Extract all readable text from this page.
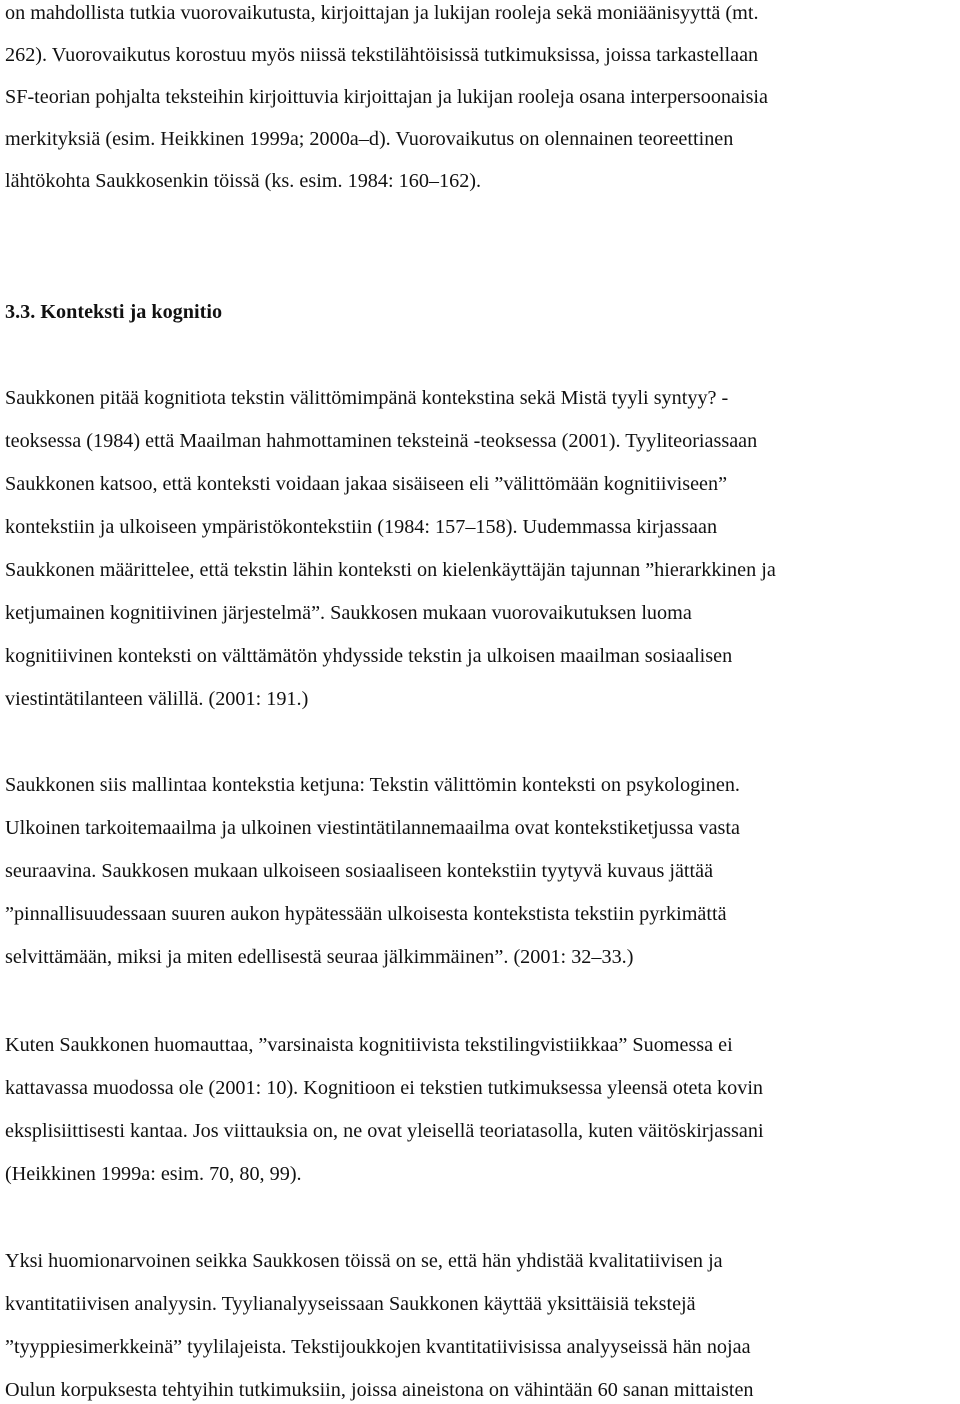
on mahdollista tutkia vuorovaikutusta, kirjoittajan ja lukijan rooleja sekä moniäänisyyttä (mt.
262). Vuorovaikutus korostuu myös niissä tekstilähtöisissä tutkimuksissa, joissa tarkastellaan
SF-teorian pohjalta teksteihin kirjoittuvia kirjoittajan ja lukijan rooleja osana interpersoonaisia
merkityksiä (esim. Heikkinen 1999a; 2000a–d). Vuorovaikutus on olennainen teoreettinen
lähtökohta Saukkosenkin töissä (ks. esim. 1984: 160–162).
3.3. Konteksti ja kognitio
Saukkonen pitää kognitiota tekstin välittömimpänä kontekstina sekä Mistä tyyli syntyy? -
teoksessa (1984) että Maailman hahmottaminen teksteinä -teoksessa (2001). Tyyliteoriassaan
Saukkonen katsoo, että konteksti voidaan jakaa sisäiseen eli ”välittömään kognitiiviseen”
kontekstiin ja ulkoiseen ympäristökontekstiin (1984: 157–158). Uudemmassa kirjassaan
Saukkonen määrittelee, että tekstin lähin konteksti on kielenkäyttäjän tajunnan ”hierarkkinen ja
ketjumainen kognitiivinen järjestelmä”. Saukkosen mukaan vuorovaikutuksen luoma
kognitiivinen konteksti on välttämätön yhdysside tekstin ja ulkoisen maailman sosiaalisen
viestintätilanteen välillä. (2001: 191.)
Saukkonen siis mallintaa kontekstia ketjuna: Tekstin välittömin konteksti on psykologinen.
Ulkoinen tarkoitemaailma ja ulkoinen viestintätilannemaailma ovat kontekstiketjussa vasta
seuraavina. Saukkosen mukaan ulkoiseen sosiaaliseen kontekstiin tyytyvä kuvaus jättää
”pinnallisuudessaan suuren aukon hypätessään ulkoisesta kontekstista tekstiin pyrkimättä
selvittämään, miksi ja miten edellisestä seuraa jälkimmäinen”. (2001: 32–33.)
Kuten Saukkonen huomauttaa, ”varsinaista kognitiivista tekstilingvistiikkaa” Suomessa ei
kattavassa muodossa ole (2001: 10). Kognitioon ei tekstien tutkimuksessa yleensä oteta kovin
eksplisiittisesti kantaa. Jos viittauksia on, ne ovat yleisellä teoriatasolla, kuten väitöskirjassani
(Heikkinen 1999a: esim. 70, 80, 99).
Yksi huomionarvoinen seikka Saukkosen töissä on se, että hän yhdistää kvalitatiivisen ja
kvantitatiivisen analyysin. Tyylianalyyseissaan Saukkonen käyttää yksittäisiä tekstejä
”tyyppiesimerkkeinä” tyylilajeista. Tekstijoukkojen kvantitatiivisissa analyyseissä hän nojaa
Oulun korpuksesta tehtyihin tutkimuksiin, joissa aineistona on vähintään 60 sanan mittaisten
